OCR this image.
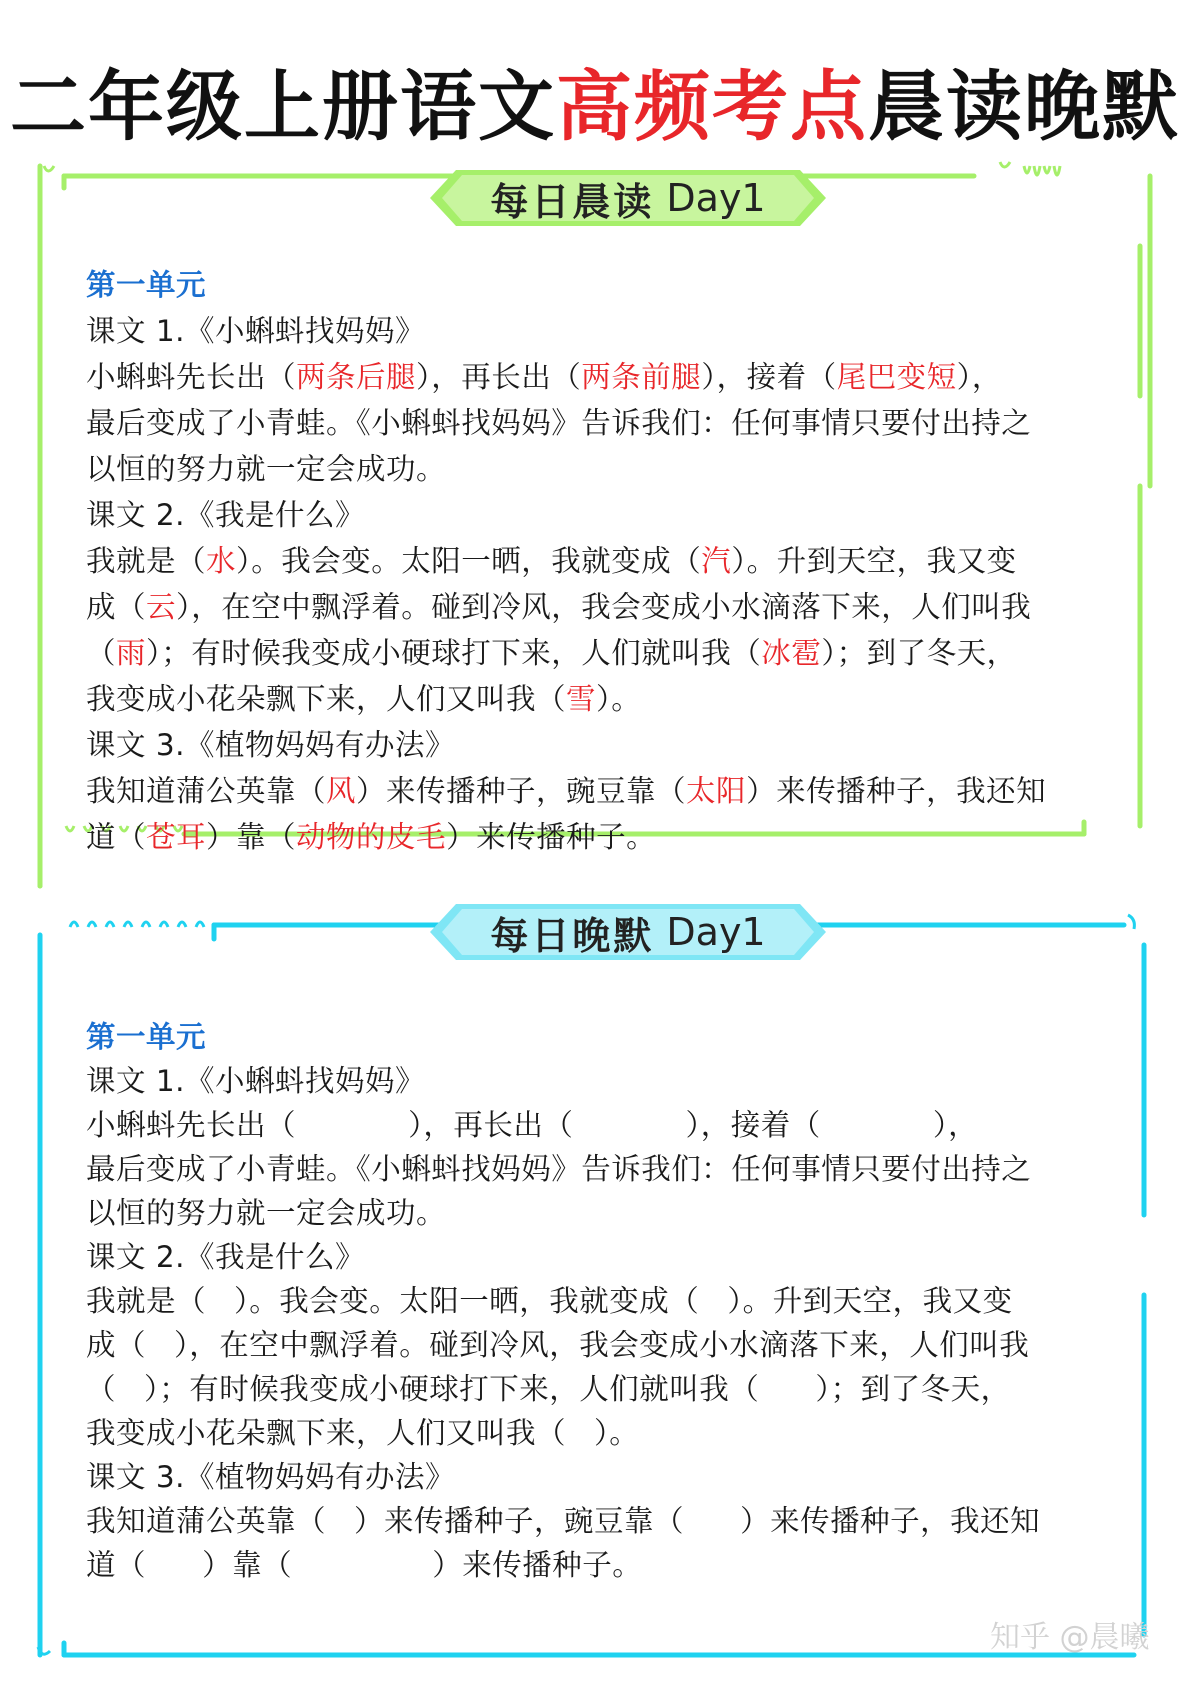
二年级上册语文高频考点晨读晚默
每日晨读 Day1
第一单元
课文 1.《小蝌蚪找妈妈》
小蝌蚪先长出（两条后腿），再长出（两条前腿），接着（尾巴变短），
最后变成了小青蛙。《小蝌蚪找妈妈》告诉我们：任何事情只要付出持之
以恒的努力就一定会成功。
课文 2.《我是什么》
我就是（水）。我会变。太阳一晒，我就变成（汽）。升到天空，我又变
成（云），在空中飘浮着。碰到冷风，我会变成小水滴落下来，人们叫我
（雨）；有时候我变成小硬球打下来，人们就叫我（冰雹）；到了冬天，
我变成小花朵飘下来，人们又叫我（雪）。
课文 3.《植物妈妈有办法》
我知道蒲公英靠（风）来传播种子，豌豆靠（太阳）来传播种子，我还知
道（苍耳）靠（动物的皮毛）来传播种子。
每日晚默 Day1
第一单元
课文 1.《小蝌蚪找妈妈》
小蝌蚪先长出（	），再长出（	），接着（	），
最后变成了小青蛙。《小蝌蚪找妈妈》告诉我们：任何事情只要付出持之
以恒的努力就一定会成功。
课文 2.《我是什么》
我就是（ ）。我会变。太阳一晒，我就变成（ ）。升到天空，我又变
成（ ），在空中飘浮着。碰到冷风，我会变成小水滴落下来，人们叫我
（ ）；有时候我变成小硬球打下来，人们就叫我（ ）；到了冬天，
我变成小花朵飘下来，人们又叫我（ ）。
课文 3.《植物妈妈有办法》
我知道蒲公英靠（ ）来传播种子，豌豆靠（ ）来传播种子，我还知
道（ ）靠（	）来传播种子。
知乎 @晨曦
